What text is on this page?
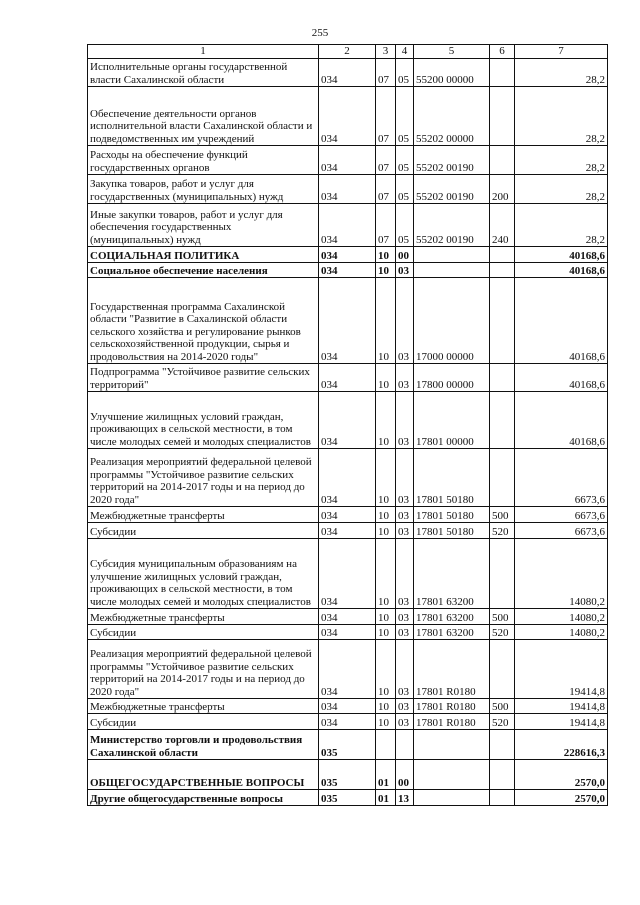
255
1	2	3	4	5	6	7
Исполнительные органы государственной власти Сахалинской области	034	07	05	55200 00000		28,2
Обеспечение деятельности органов исполнительной власти Сахалинской области и подведомственных им учреждений	034	07	05	55202 00000		28,2
Расходы на обеспечение функций государственных органов	034	07	05	55202 00190		28,2
Закупка товаров, работ и услуг для государственных (муниципальных) нужд	034	07	05	55202 00190	200	28,2
Иные закупки товаров, работ и услуг для обеспечения государственных (муниципальных) нужд	034	07	05	55202 00190	240	28,2
СОЦИАЛЬНАЯ ПОЛИТИКА	034	10	00			40168,6
Социальное обеспечение населения	034	10	03			40168,6
Государственная программа Сахалинской области "Развитие в Сахалинской области сельского хозяйства и регулирование рынков сельскохозяйственной продукции, сырья и продовольствия на 2014-2020 годы"	034	10	03	17000 00000		40168,6
Подпрограмма "Устойчивое развитие сельских территорий"	034	10	03	17800 00000		40168,6
Улучшение жилищных условий граждан, проживающих в сельской местности, в том числе молодых семей и молодых специалистов	034	10	03	17801 00000		40168,6
Реализация мероприятий федеральной целевой программы "Устойчивое развитие сельских территорий на 2014-2017 годы и на период до 2020 года"	034	10	03	17801 50180		6673,6
Межбюджетные трансферты	034	10	03	17801 50180	500	6673,6
Субсидии	034	10	03	17801 50180	520	6673,6
Субсидия муниципальным образованиям на улучшение жилищных условий граждан, проживающих в сельской местности, в том числе молодых семей и молодых специалистов	034	10	03	17801 63200		14080,2
Межбюджетные трансферты	034	10	03	17801 63200	500	14080,2
Субсидии	034	10	03	17801 63200	520	14080,2
Реализация мероприятий федеральной целевой программы "Устойчивое развитие сельских территорий на 2014-2017 годы и на период до 2020 года"	034	10	03	17801 R0180		19414,8
Межбюджетные трансферты	034	10	03	17801 R0180	500	19414,8
Субсидии	034	10	03	17801 R0180	520	19414,8
Министерство торговли и продовольствия Сахалинской области	035					228616,3
ОБЩЕГОСУДАРСТВЕННЫЕ ВОПРОСЫ	035	01	00			2570,0
Другие общегосударственные вопросы	035	01	13			2570,0
